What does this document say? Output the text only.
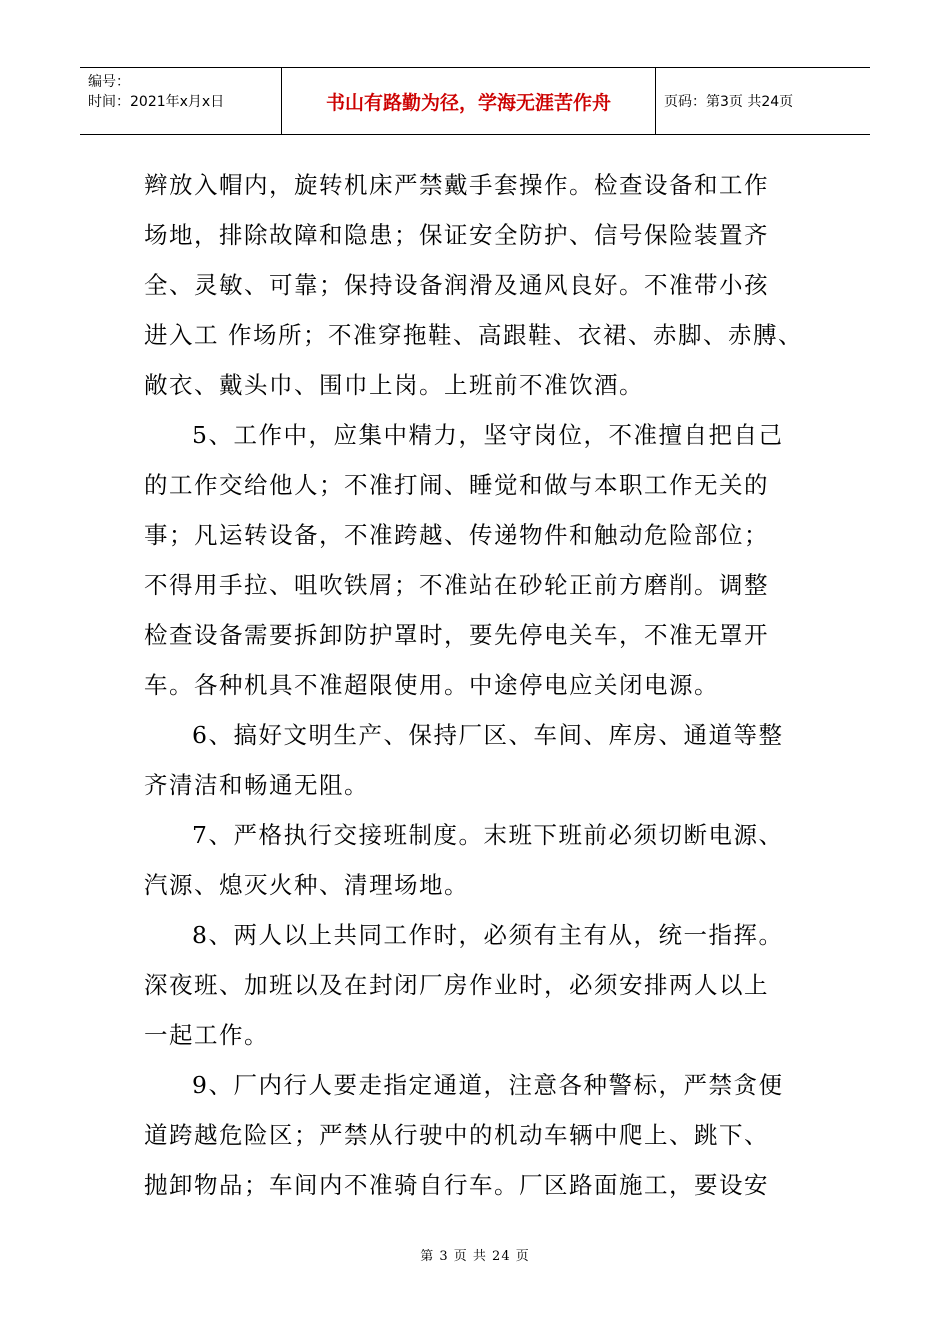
编号：
时间：2021年x月x日	书山有路勤为径，学海无涯苦作舟	页码：第3页 共24页

辫放入帽内，旋转机床严禁戴手套操作。检查设备和工作
场地，排除故障和隐患；保证安全防护、信号保险装置齐
全、灵敏、可靠；保持设备润滑及通风良好。不准带小孩
进入工 作场所；不准穿拖鞋、高跟鞋、衣裙、赤脚、赤膊、
敞衣、戴头巾、围巾上岗。上班前不准饮酒。

5、工作中，应集中精力，坚守岗位，不准擅自把自己
的工作交给他人；不准打闹、睡觉和做与本职工作无关的
事；凡运转设备，不准跨越、传递物件和触动危险部位；
不得用手拉、咀吹铁屑；不准站在砂轮正前方磨削。调整
检查设备需要拆卸防护罩时，要先停电关车，不准无罩开
车。各种机具不准超限使用。中途停电应关闭电源。

6、搞好文明生产、保持厂区、车间、库房、通道等整
齐清洁和畅通无阻。

7、严格执行交接班制度。末班下班前必须切断电源、
汽源、熄灭火种、清理场地。

8、两人以上共同工作时，必须有主有从，统一指挥。
深夜班、加班以及在封闭厂房作业时，必须安排两人以上
一起工作。

9、厂内行人要走指定通道，注意各种警标，严禁贪便
道跨越危险区；严禁从行驶中的机动车辆中爬上、跳下、
抛卸物品；车间内不准骑自行车。厂区路面施工，要设安

第 3 页 共 24 页
